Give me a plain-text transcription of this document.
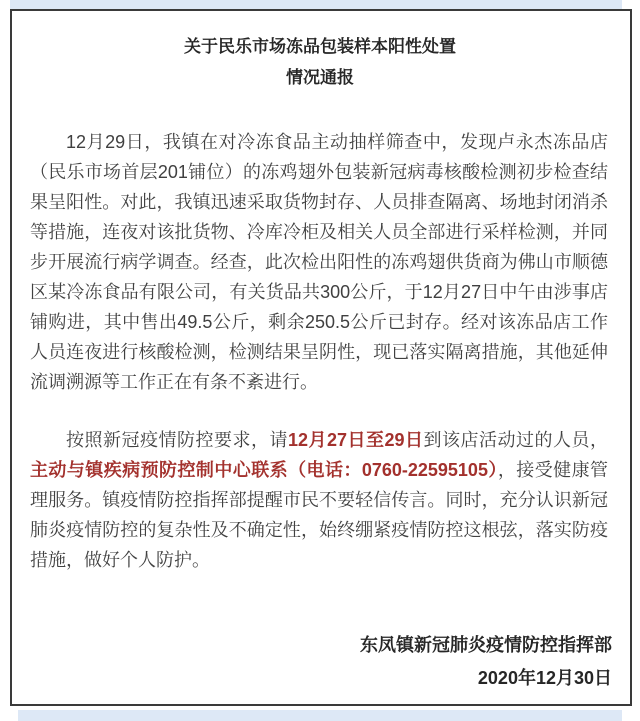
关于民乐市场冻品包装样本阳性处置
情况通报

12月29日，我镇在对冷冻食品主动抽样筛查中，发现卢永杰冻品店（民乐市场首层201铺位）的冻鸡翅外包装新冠病毒核酸检测初步检查结果呈阳性。对此，我镇迅速采取货物封存、人员排查隔离、场地封闭消杀等措施，连夜对该批货物、冷库冷柜及相关人员全部进行采样检测，并同步开展流行病学调查。经查，此次检出阳性的冻鸡翅供货商为佛山市顺德区某冷冻食品有限公司，有关货品共300公斤，于12月27日中午由涉事店铺购进，其中售出49.5公斤，剩余250.5公斤已封存。经对该冻品店工作人员连夜进行核酸检测，检测结果呈阴性，现已落实隔离措施，其他延伸流调溯源等工作正在有条不紊进行。

按照新冠疫情防控要求，请12月27日至29日到该店活动过的人员，主动与镇疾病预防控制中心联系（电话：0760-22595105），接受健康管理服务。镇疫情防控指挥部提醒市民不要轻信传言。同时，充分认识新冠肺炎疫情防控的复杂性及不确定性，始终绷紧疫情防控这根弦，落实防疫措施，做好个人防护。

东凤镇新冠肺炎疫情防控指挥部
2020年12月30日
